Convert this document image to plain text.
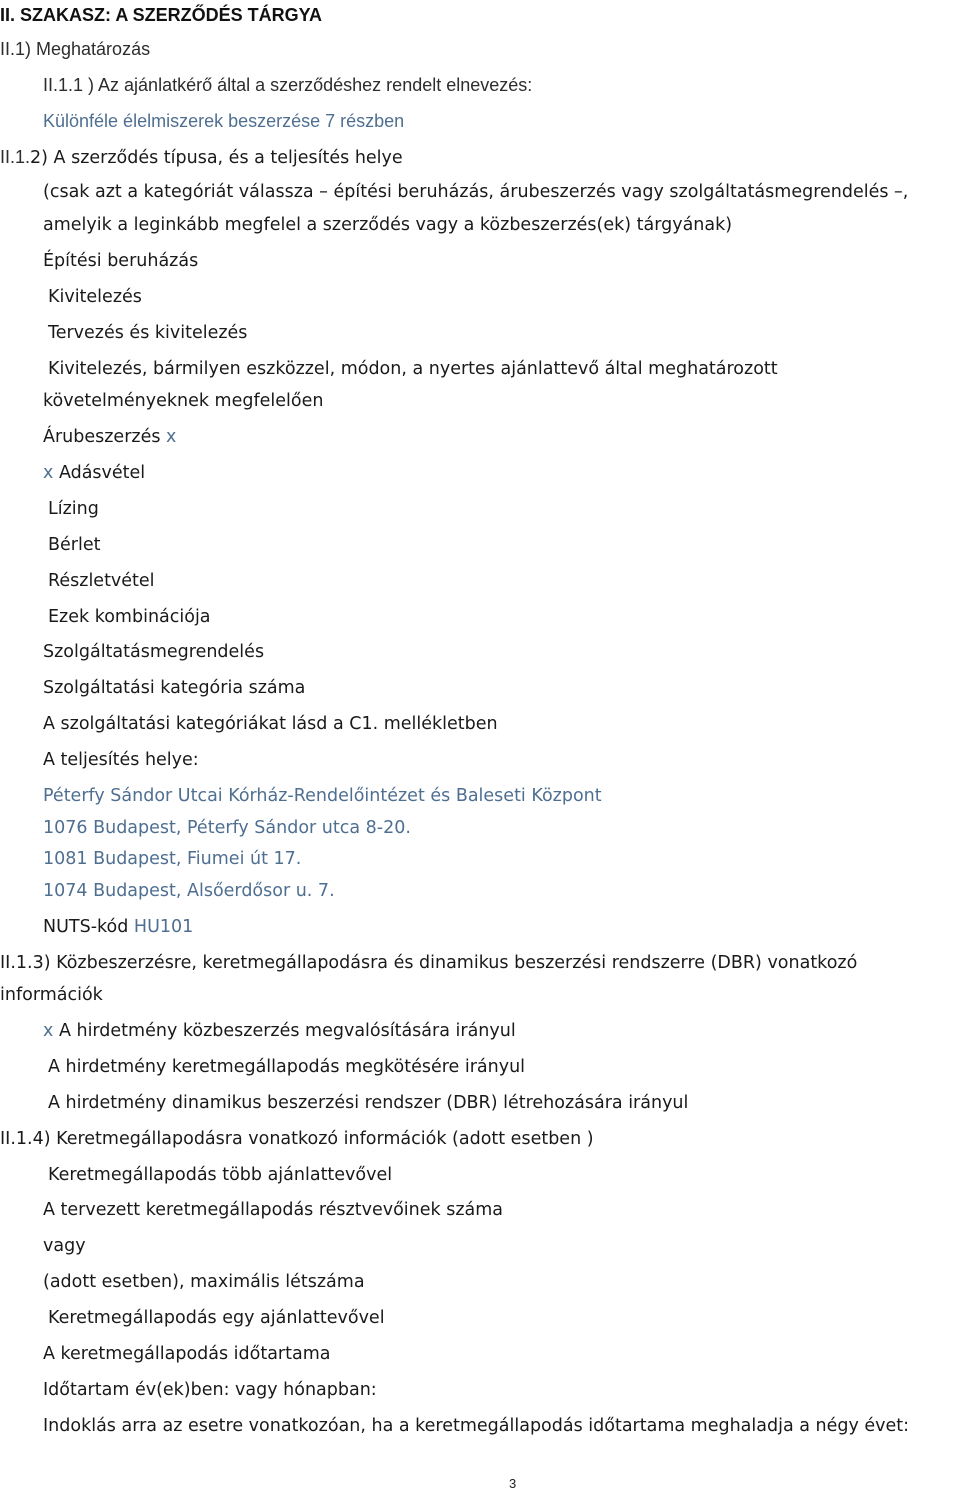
II. SZAKASZ: A SZERZŐDÉS TÁRGYA
II.1) Meghatározás
II.1.1 ) Az ajánlatkérő által a szerződéshez rendelt elnevezés:
Különféle élelmiszerek beszerzése 7 részben
II.1.2) A szerződés típusa, és a teljesítés helye
(csak azt a kategóriát válassza – építési beruházás, árubeszerzés vagy szolgáltatásmegrendelés –,
amelyik a leginkább megfelel a szerződés vagy a közbeszerzés(ek) tárgyának)
Építési beruházás
Kivitelezés
Tervezés és kivitelezés
Kivitelezés, bármilyen eszközzel, módon, a nyertes ajánlattevő által meghatározott
követelményeknek megfelelően
Árubeszerzés x
x Adásvétel
Lízing
Bérlet
Részletvétel
Ezek kombinációja
Szolgáltatásmegrendelés
Szolgáltatási kategória száma
A szolgáltatási kategóriákat lásd a C1. mellékletben
A teljesítés helye:
Péterfy Sándor Utcai Kórház-Rendelőintézet és Baleseti Központ
1076 Budapest, Péterfy Sándor utca 8-20.
1081 Budapest, Fiumei út 17.
1074 Budapest, Alsőerdősor u. 7.
NUTS-kód HU101
II.1.3) Közbeszerzésre, keretmegállapodásra és dinamikus beszerzési rendszerre (DBR) vonatkozó
információk
x A hirdetmény közbeszerzés megvalósítására irányul
A hirdetmény keretmegállapodás megkötésére irányul
A hirdetmény dinamikus beszerzési rendszer (DBR) létrehozására irányul
II.1.4) Keretmegállapodásra vonatkozó információk (adott esetben )
Keretmegállapodás több ajánlattevővel
A tervezett keretmegállapodás résztvevőinek száma
vagy
(adott esetben), maximális létszáma
Keretmegállapodás egy ajánlattevővel
A keretmegállapodás időtartama
Időtartam év(ek)ben: vagy hónapban:
Indoklás arra az esetre vonatkozóan, ha a keretmegállapodás időtartama meghaladja a négy évet:
3
